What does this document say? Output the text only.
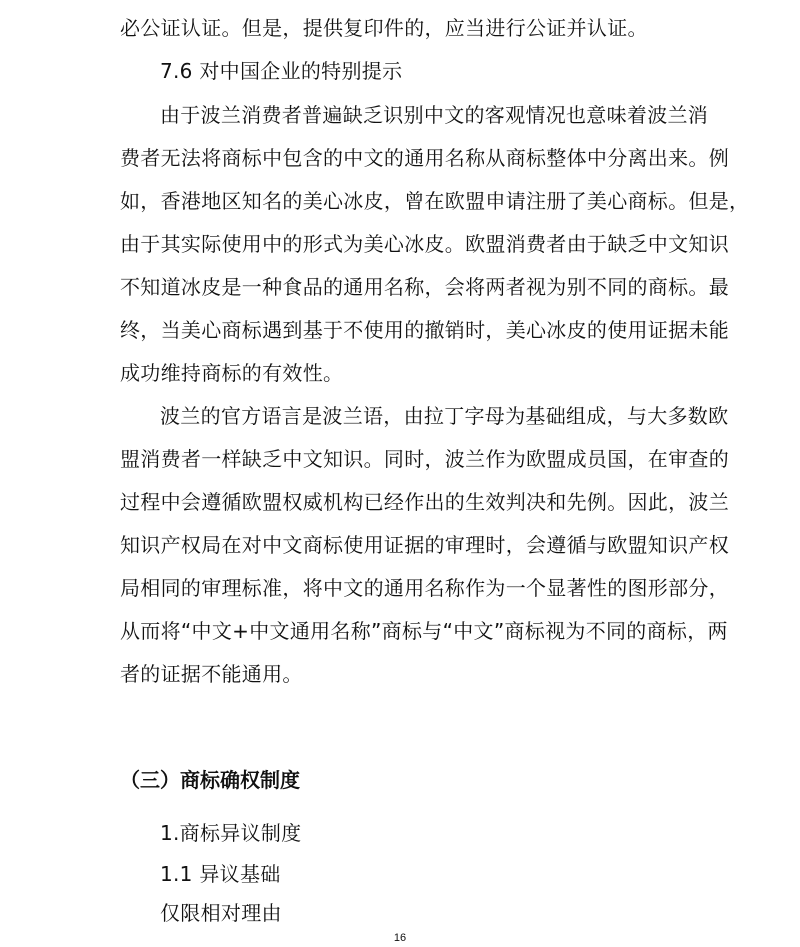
必公证认证。但是，提供复印件的，应当进行公证并认证。
7.6 对中国企业的特别提示
由于波兰消费者普遍缺乏识别中文的客观情况也意味着波兰消
费者无法将商标中包含的中文的通用名称从商标整体中分离出来。例
如，香港地区知名的美心冰皮，曾在欧盟申请注册了美心商标。但是，
由于其实际使用中的形式为美心冰皮。欧盟消费者由于缺乏中文知识
不知道冰皮是一种食品的通用名称，会将两者视为别不同的商标。最
终，当美心商标遇到基于不使用的撤销时，美心冰皮的使用证据未能
成功维持商标的有效性。
波兰的官方语言是波兰语，由拉丁字母为基础组成，与大多数欧
盟消费者一样缺乏中文知识。同时，波兰作为欧盟成员国，在审查的
过程中会遵循欧盟权威机构已经作出的生效判决和先例。因此，波兰
知识产权局在对中文商标使用证据的审理时，会遵循与欧盟知识产权
局相同的审理标准，将中文的通用名称作为一个显著性的图形部分，
从而将“中文+中文通用名称”商标与“中文”商标视为不同的商标，两
者的证据不能通用。
（三）商标确权制度
1.商标异议制度
1.1 异议基础
仅限相对理由
16
